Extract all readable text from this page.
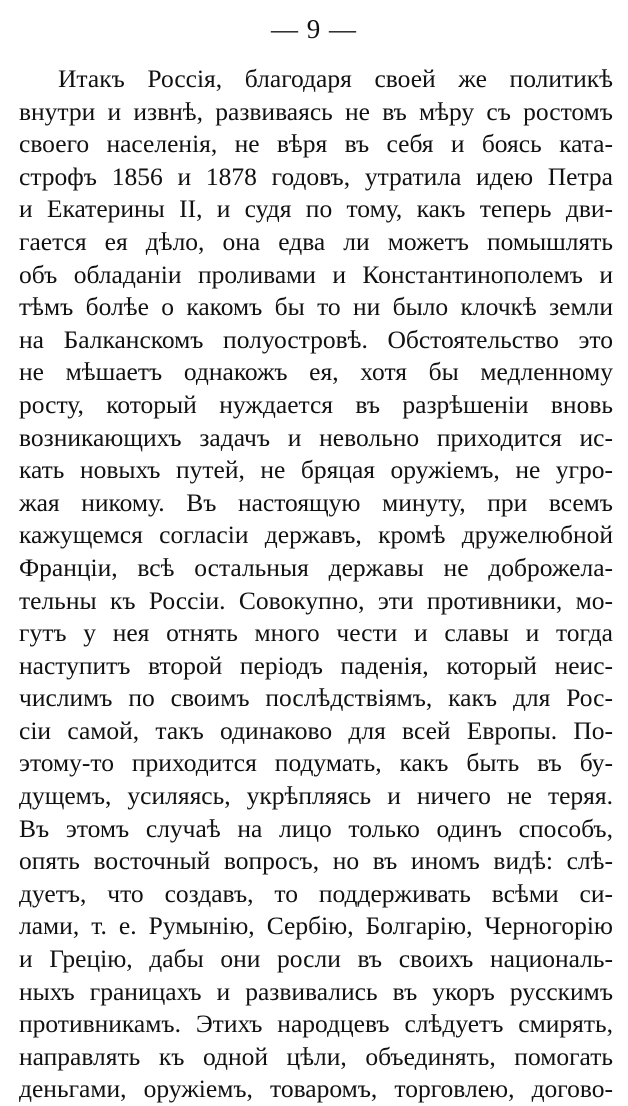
— 9 —
Итакъ Россія, благодаря своей же политикѣ
внутри и извнѣ, развиваясь не въ мѣру съ ростомъ
своего населенія, не вѣря въ себя и боясь ката-
строфъ 1856 и 1878 годовъ, утратила идею Петра
и Екатерины II, и судя по тому, какъ теперь дви-
гается ея дѣло, она едва ли можетъ помышлять
объ обладаніи проливами и Константинополемъ и
тѣмъ болѣе о какомъ бы то ни было клочкѣ земли
на Балканскомъ полуостровѣ. Обстоятельство это
не мѣшаетъ однакожъ ея, хотя бы медленному
росту, который нуждается въ разрѣшеніи вновь
возникающихъ задачъ и невольно приходится ис-
кать новыхъ путей, не бряцая оружіемъ, не угро-
жая никому. Въ настоящую минуту, при всемъ
кажущемся согласіи державъ, кромѣ дружелюбной
Франціи, всѣ остальныя державы не доброжела-
тельны къ Россіи. Совокупно, эти противники, мо-
гутъ у нея отнять много чести и славы и тогда
наступитъ второй періодъ паденія, который неис-
числимъ по своимъ послѣдствіямъ, какъ для Рос-
сіи самой, такъ одинаково для всей Европы. По-
этому-то приходится подумать, какъ быть въ бу-
дущемъ, усиляясь, укрѣпляясь и ничего не теряя.
Въ этомъ случаѣ на лицо только одинъ способъ,
опять восточный вопросъ, но въ иномъ видѣ: слѣ-
дуетъ, что создавъ, то поддерживать всѣми си-
лами, т. е. Румынію, Сербію, Болгарію, Черногорію
и Грецію, дабы они росли въ своихъ националь-
ныхъ границахъ и развивались въ укоръ русскимъ
противникамъ. Этихъ народцевъ слѣдуетъ смирять,
направлять къ одной цѣли, объединять, помогать
деньгами, оружіемъ, товаромъ, торговлею, догово-
